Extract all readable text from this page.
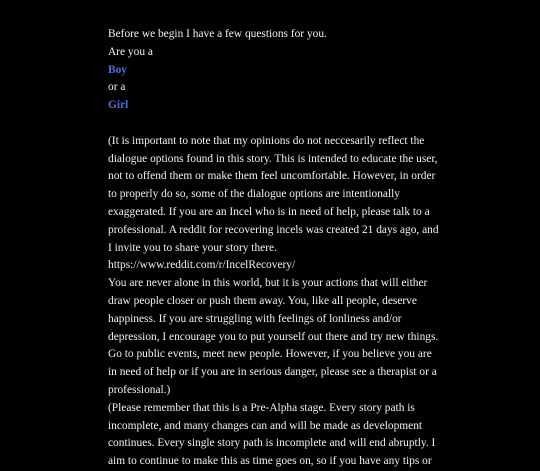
Before we begin I have a few questions for you.
Are you a
Boy
or a
Girl
(It is important to note that my opinions do not neccesarily reflect the dialogue options found in this story. This is intended to educate the user, not to offend them or make them feel uncomfortable. However, in order to properly do so, some of the dialogue options are intentionally exaggerated. If you are an Incel who is in need of help, please talk to a professional. A reddit for recovering incels was created 21 days ago, and I invite you to share your story there.
https://www.reddit.com/r/IncelRecovery/
You are never alone in this world, but it is your actions that will either draw people closer or push them away. You, like all people, deserve happiness. If you are struggling with feelings of lonliness and/or depression, I encourage you to put yourself out there and try new things. Go to public events, meet new people. However, if you believe you are in need of help or if you are in serious danger, please see a therapist or a professional.)
(Please remember that this is a Pre-Alpha stage. Every story path is incomplete, and many changes can and will be made as development continues. Every single story path is incomplete and will end abruptly. I aim to continue to make this as time goes on, so if you have any tips or
